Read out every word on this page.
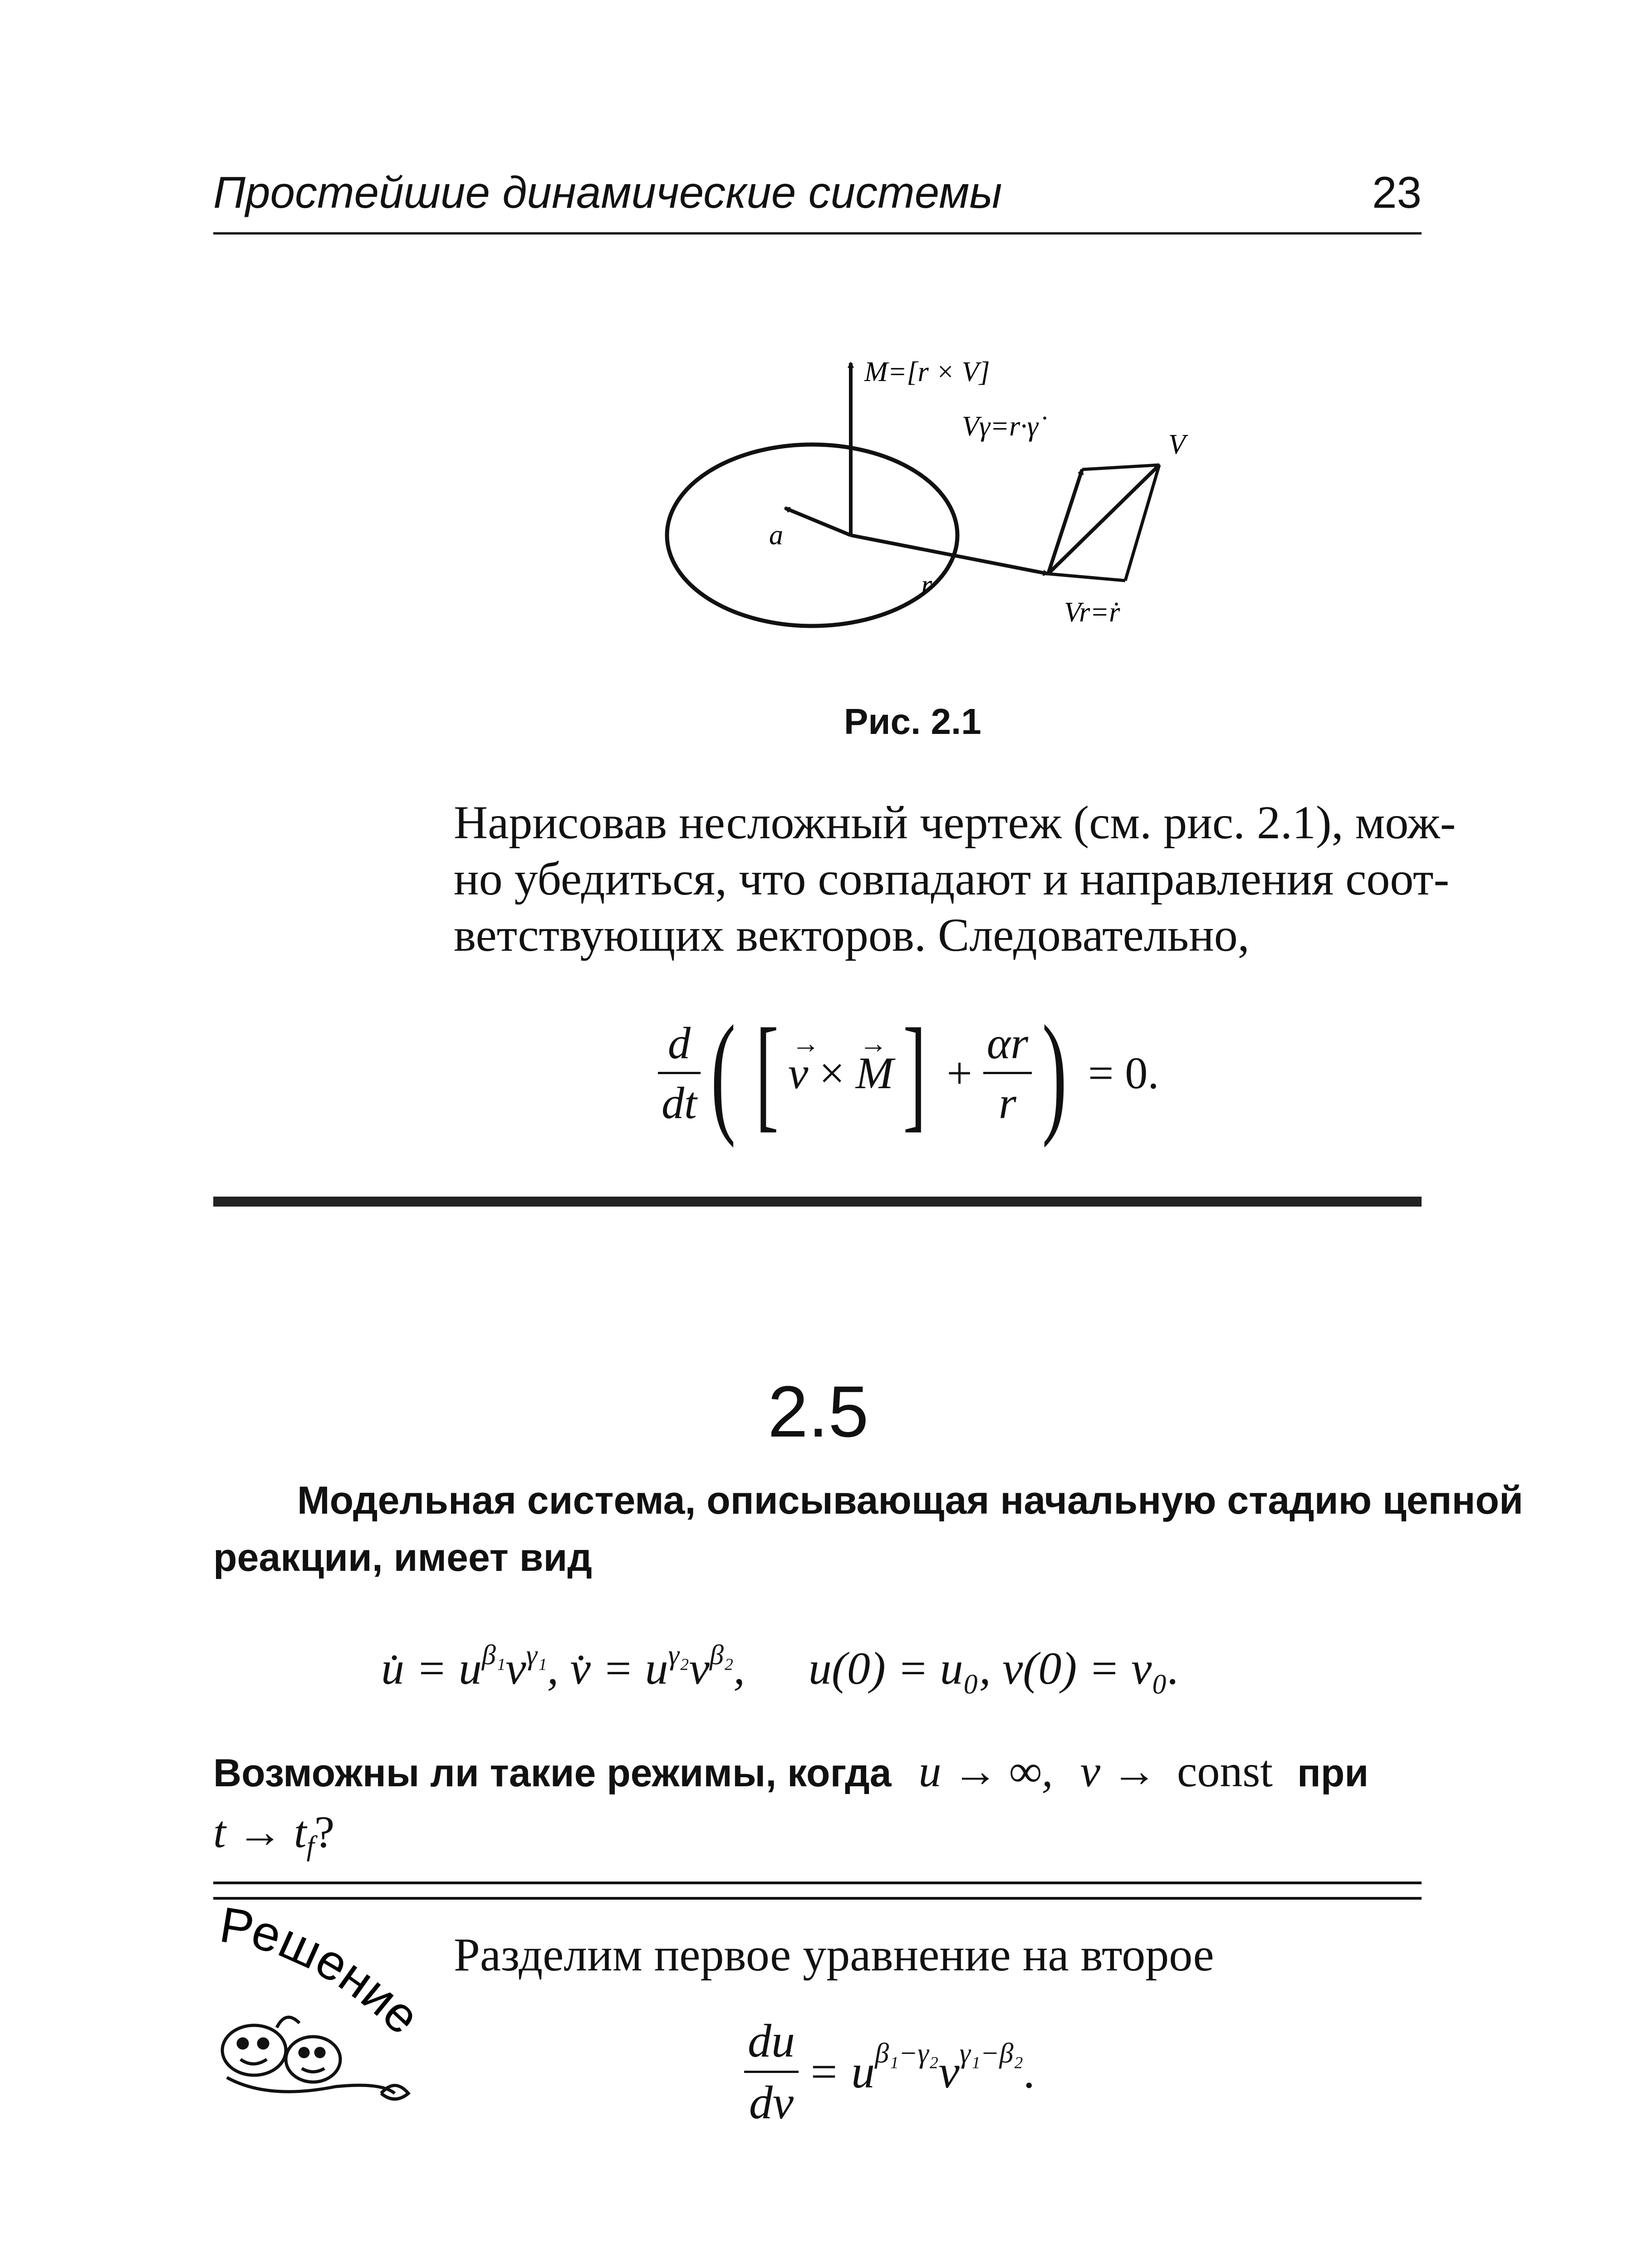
Простейшие динамические системы	23
M=[r × V]
Vγ=r·γ̇
V
a
r
Vr=ṙ
Рис. 2.1
Нарисовав несложный чертеж (см. рис. 2.1), мож-
но убедиться, что совпадают и направления соот-
ветствующих векторов. Следовательно,
$\frac{d}{dt}$ ( [ → v × → M ] + $\frac{\alpha r}{r}$ ) = 0.
2.5
Модельная система, описывающая начальную стадию цепной
реакции, имеет вид
u̇ = $u^{\beta_1}v^{\gamma_1}$, v̇ = $u^{\gamma_2}v^{\beta_2}$, u(0) = u₀, v(0) = v₀.
Возможны ли такие режимы, когда u → ∞, v → const при
$t \to t_f$?
Решение
Разделим первое уравнение на второе
$\frac{du}{dv} = u^{\beta_1-\gamma_2}$ $v^{\gamma_1-\beta_2}$ .
